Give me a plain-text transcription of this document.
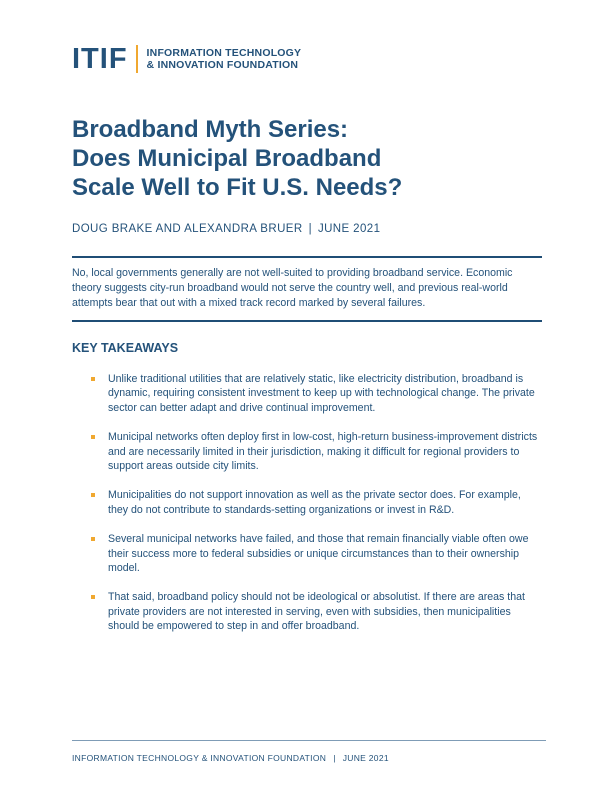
ITIF INFORMATION TECHNOLOGY
& INNOVATION FOUNDATION
Broadband Myth Series:
Does Municipal Broadband
Scale Well to Fit U.S. Needs?
DOUG BRAKE AND ALEXANDRA BRUER | JUNE 2021

No, local governments generally are not well-suited to providing broadband service. Economic theory suggests city-run broadband would not serve the country well, and previous real-world attempts bear that out with a mixed track record marked by several failures.

KEY TAKEAWAYS
Unlike traditional utilities that are relatively static, like electricity distribution, broadband is dynamic, requiring consistent investment to keep up with technological change. The private sector can better adapt and drive continual improvement.
Municipal networks often deploy first in low-cost, high-return business-improvement districts and are necessarily limited in their jurisdiction, making it difficult for regional providers to support areas outside city limits.
Municipalities do not support innovation as well as the private sector does. For example, they do not contribute to standards-setting organizations or invest in R&D.
Several municipal networks have failed, and those that remain financially viable often owe their success more to federal subsidies or unique circumstances than to their ownership model.
That said, broadband policy should not be ideological or absolutist. If there are areas that private providers are not interested in serving, even with subsidies, then municipalities should be empowered to step in and offer broadband.
INFORMATION TECHNOLOGY & INNOVATION FOUNDATION | JUNE 2021
